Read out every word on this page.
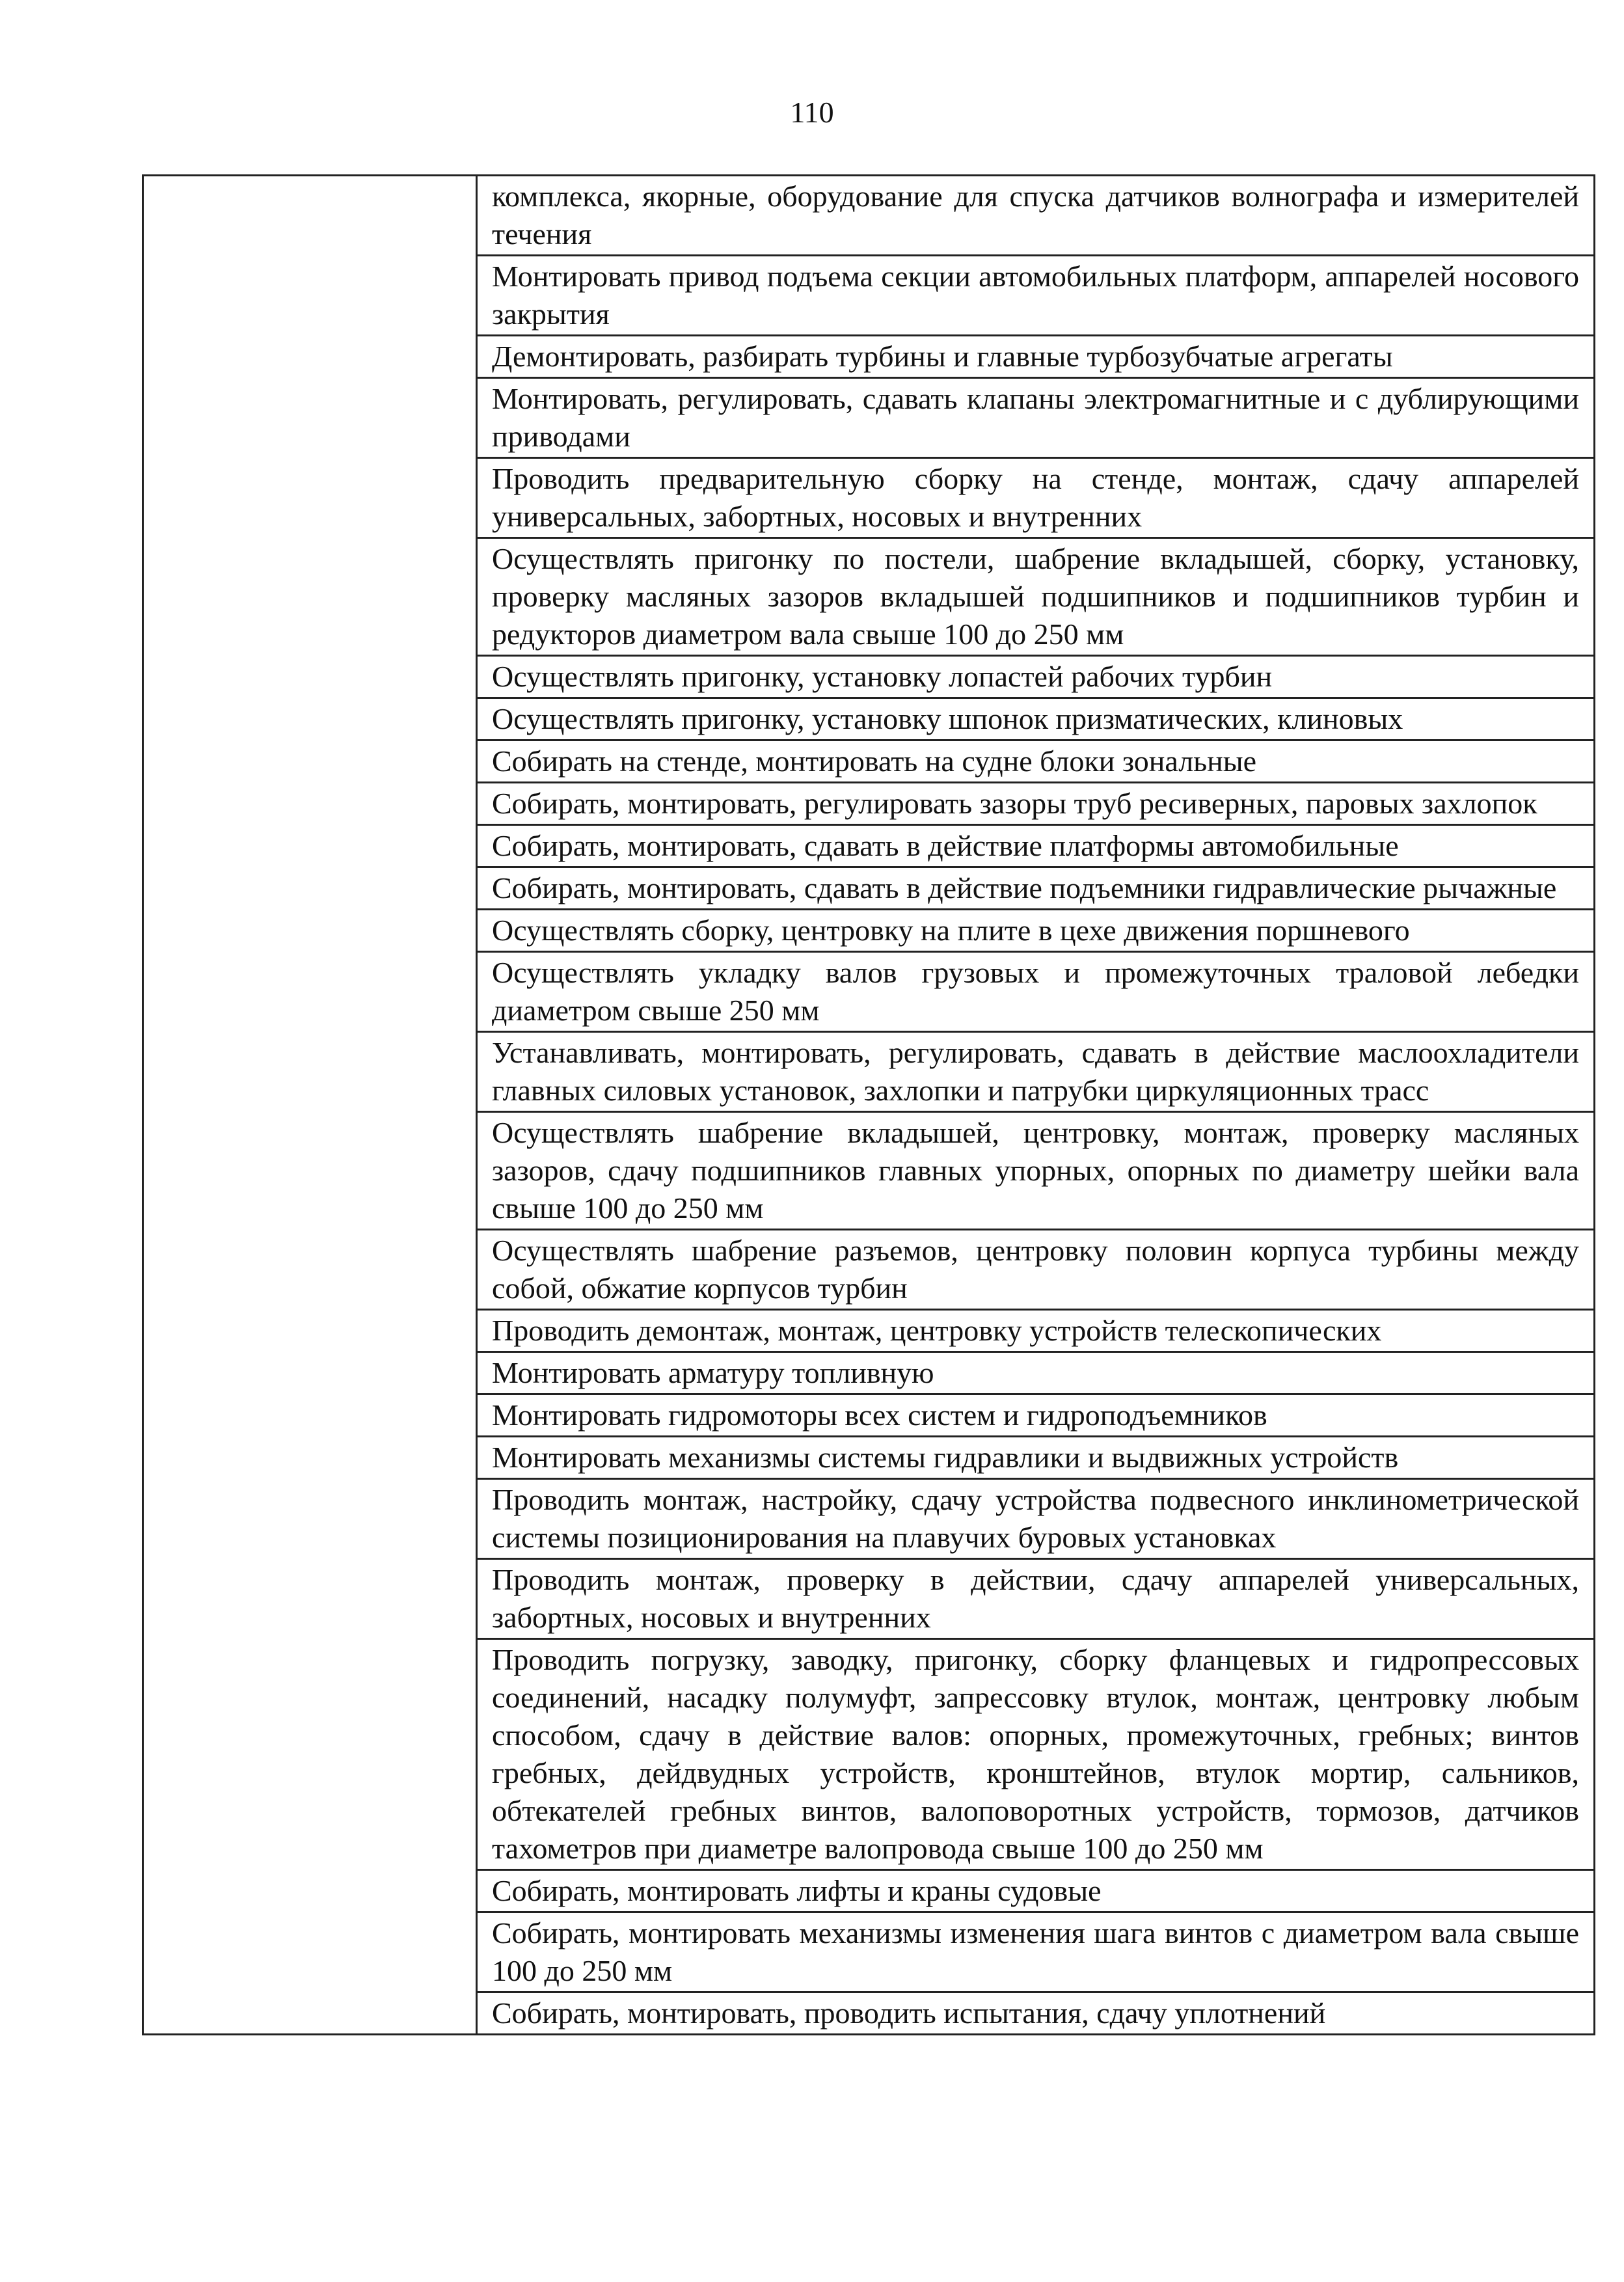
110
	комплекса, якорные, оборудование для спуска датчиков волнографа и измерителей течения
Монтировать привод подъема секции автомобильных платформ, аппарелей носового закрытия
Демонтировать, разбирать турбины и главные турбозубчатые агрегаты
Монтировать, регулировать, сдавать клапаны электромагнитные и с дублирующими приводами
Проводить предварительную сборку на стенде, монтаж, сдачу аппарелей универсальных, забортных, носовых и внутренних
Осуществлять пригонку по постели, шабрение вкладышей, сборку, установку, проверку масляных зазоров вкладышей подшипников и подшипников турбин и редукторов диаметром вала свыше 100 до 250 мм
Осуществлять пригонку, установку лопастей рабочих турбин
Осуществлять пригонку, установку шпонок призматических, клиновых
Собирать на стенде, монтировать на судне блоки зональные
Собирать, монтировать, регулировать зазоры труб ресиверных, паровых захлопок
Собирать, монтировать, сдавать в действие платформы автомобильные
Собирать, монтировать, сдавать в действие подъемники гидравлические рычажные
Осуществлять сборку, центровку на плите в цехе движения поршневого
Осуществлять укладку валов грузовых и промежуточных траловой лебедки диаметром свыше 250 мм
Устанавливать, монтировать, регулировать, сдавать в действие маслоохладители главных силовых установок, захлопки и патрубки циркуляционных трасс
Осуществлять шабрение вкладышей, центровку, монтаж, проверку масляных зазоров, сдачу подшипников главных упорных, опорных по диаметру шейки вала свыше 100 до 250 мм
Осуществлять шабрение разъемов, центровку половин корпуса турбины между собой, обжатие корпусов турбин
Проводить демонтаж, монтаж, центровку устройств телескопических
Монтировать арматуру топливную
Монтировать гидромоторы всех систем и гидроподъемников
Монтировать механизмы системы гидравлики и выдвижных устройств
Проводить монтаж, настройку, сдачу устройства подвесного инклинометрической системы позиционирования на плавучих буровых установках
Проводить монтаж, проверку в действии, сдачу аппарелей универсальных, забортных, носовых и внутренних
Проводить погрузку, заводку, пригонку, сборку фланцевых и гидропрессовых соединений, насадку полумуфт, запрессовку втулок, монтаж, центровку любым способом, сдачу в действие валов: опорных, промежуточных, гребных; винтов гребных, дейдвудных устройств, кронштейнов, втулок мортир, сальников, обтекателей гребных винтов, валоповоротных устройств, тормозов, датчиков тахометров при диаметре валопровода свыше 100 до 250 мм
Собирать, монтировать лифты и краны судовые
Собирать, монтировать механизмы изменения шага винтов с диаметром вала свыше 100 до 250 мм
Собирать, монтировать, проводить испытания, сдачу уплотнений
